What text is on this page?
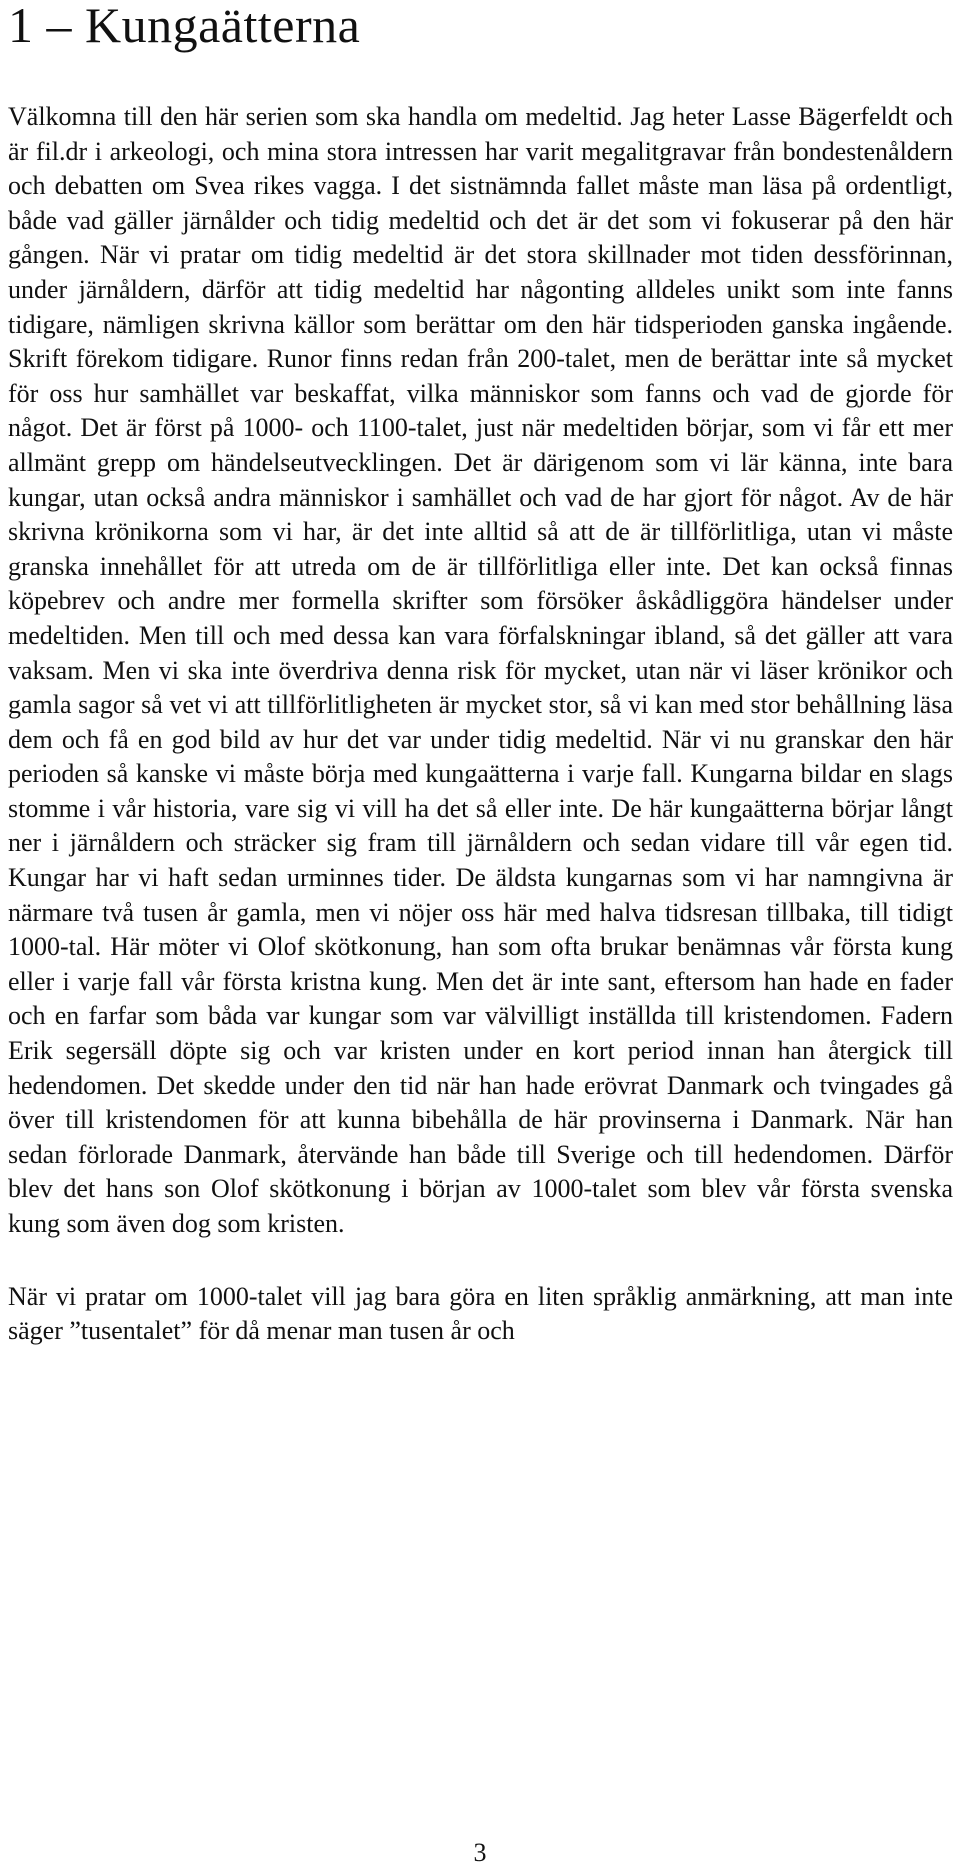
1 – Kungaätterna

Välkomna till den här serien som ska handla om medeltid. Jag heter Lasse Bägerfeldt och är fil.dr i arkeologi, och mina stora intressen har varit megalitgravar från bondestenåldern och debatten om Svea rikes vagga. I det sistnämnda fallet måste man läsa på ordentligt, både vad gäller järnålder och tidig medeltid och det är det som vi fokuserar på den här gången. När vi pratar om tidig medeltid är det stora skillnader mot tiden dessförinnan, under järnåldern, därför att tidig medeltid har någonting alldeles unikt som inte fanns tidigare, nämligen skrivna källor som berättar om den här tidsperioden ganska ingående. Skrift förekom tidigare. Runor finns redan från 200-talet, men de berättar inte så mycket för oss hur samhället var beskaffat, vilka människor som fanns och vad de gjorde för något. Det är först på 1000- och 1100-talet, just när medeltiden börjar, som vi får ett mer allmänt grepp om händelseutvecklingen. Det är därigenom som vi lär känna, inte bara kungar, utan också andra människor i samhället och vad de har gjort för något. Av de här skrivna krönikorna som vi har, är det inte alltid så att de är tillförlitliga, utan vi måste granska innehållet för att utreda om de är tillförlitliga eller inte. Det kan också finnas köpebrev och andre mer formella skrifter som försöker åskådliggöra händelser under medeltiden. Men till och med dessa kan vara förfalskningar ibland, så det gäller att vara vaksam. Men vi ska inte överdriva denna risk för mycket, utan när vi läser krönikor och gamla sagor så vet vi att tillförlitligheten är mycket stor, så vi kan med stor behållning läsa dem och få en god bild av hur det var under tidig medeltid. När vi nu granskar den här perioden så kanske vi måste börja med kungaätterna i varje fall. Kungarna bildar en slags stomme i vår historia, vare sig vi vill ha det så eller inte. De här kungaätterna börjar långt ner i järnåldern och sträcker sig fram till järnåldern och sedan vidare till vår egen tid. Kungar har vi haft sedan urminnes tider. De äldsta kungarnas som vi har namngivna är närmare två tusen år gamla, men vi nöjer oss här med halva tidsresan tillbaka, till tidigt 1000-tal. Här möter vi Olof skötkonung, han som ofta brukar benämnas vår första kung eller i varje fall vår första kristna kung. Men det är inte sant, eftersom han hade en fader och en farfar som båda var kungar som var välvilligt inställda till kristendomen. Fadern Erik segersäll döpte sig och var kristen under en kort period innan han återgick till hedendomen. Det skedde under den tid när han hade erövrat Danmark och tvingades gå över till kristendomen för att kunna bibehålla de här provinserna i Danmark. När han sedan förlorade Danmark, återvände han både till Sverige och till hedendomen. Därför blev det hans son Olof skötkonung i början av 1000-talet som blev vår första svenska kung som även dog som kristen.

När vi pratar om 1000-talet vill jag bara göra en liten språklig anmärkning, att man inte säger ”tusentalet” för då menar man tusen år och

3
